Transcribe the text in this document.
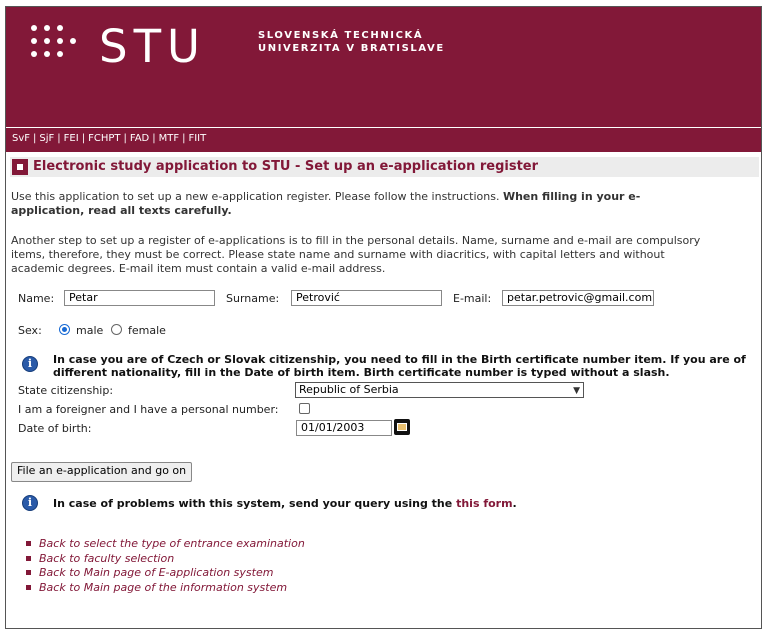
STU	SLOVENSKÁ TECHNICKÁ
UNIVERZITA V BRATISLAVE
SvF | SjF | FEI | FCHPT | FAD | MTF | FIIT
Electronic study application to STU - Set up an e-application register
Use this application to set up a new e-application register. Please follow the instructions. When filling in your e-application, read all texts carefully.
Another step to set up a register of e-applications is to fill in the personal details. Name, surname and e-mail are compulsory items, therefore, they must be correct. Please state name and surname with diacritics, with capital letters and without academic degrees. E-mail item must contain a valid e-mail address.
Name:	Petar	Surname:	Petrović	E-mail:	petar.petrovic@gmail.com
Sex:	male female
i	In case you are of Czech or Slovak citizenship, you need to fill in the Birth certificate number item. If you are of different nationality, fill in the Date of birth item. Birth certificate number is typed without a slash.
State citizenship:	Republic of Serbia	▼
I am a foreigner and I have a personal number:
Date of birth:	01/01/2003
File an e-application and go on
i	In case of problems with this system, send your query using the this form.
Back to select the type of entrance examination
Back to faculty selection
Back to Main page of E-application system
Back to Main page of the information system
